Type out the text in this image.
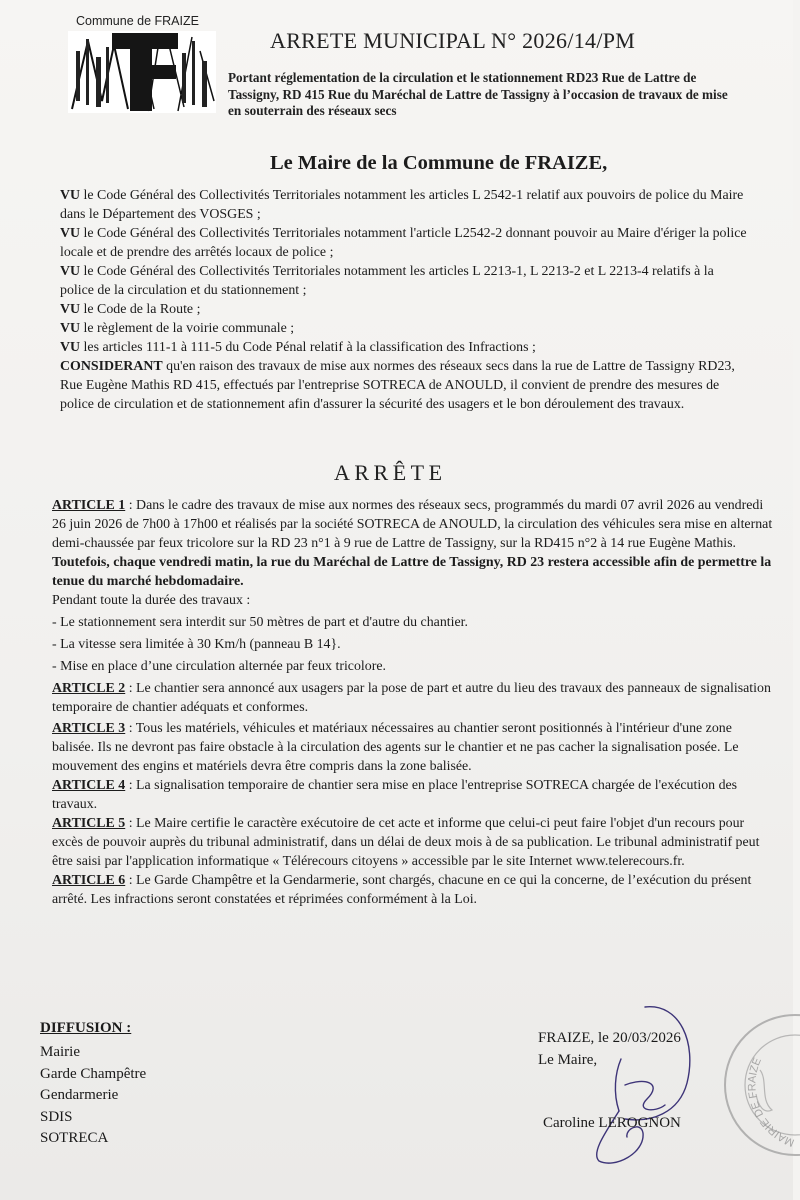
Commune de FRAIZE
ARRETE MUNICIPAL N° 2026/14/PM
Portant réglementation de la circulation et le stationnement RD23 Rue de Lattre de Tassigny, RD 415 Rue du Maréchal de Lattre de Tassigny à l’occasion de travaux de mise en souterrain des réseaux secs
Le Maire de la Commune de FRAIZE,

VU le Code Général des Collectivités Territoriales notamment les articles L 2542-1 relatif aux pouvoirs de police du Maire dans le Département des VOSGES ;

VU le Code Général des Collectivités Territoriales notamment l'article L2542-2 donnant pouvoir au Maire d'ériger la police locale et de prendre des arrêtés locaux de police ;

VU le Code Général des Collectivités Territoriales notamment les articles L 2213-1, L 2213-2 et L 2213-4 relatifs à la police de la circulation et du stationnement ;

VU le Code de la Route ;

VU le règlement de la voirie communale ;

VU les articles 111-1 à 111-5 du Code Pénal relatif à la classification des Infractions ;

CONSIDERANT qu'en raison des travaux de mise aux normes des réseaux secs dans la rue de Lattre de Tassigny RD23, Rue Eugène Mathis RD 415, effectués par l'entreprise SOTRECA de ANOULD, il convient de prendre des mesures de police de circulation et de stationnement afin d'assurer la sécurité des usagers et le bon déroulement des travaux.

ARRÊTE

ARTICLE 1 : Dans le cadre des travaux de mise aux normes des réseaux secs, programmés du mardi 07 avril 2026 au vendredi 26 juin 2026 de 7h00 à 17h00 et réalisés par la société SOTRECA de ANOULD, la circulation des véhicules sera mise en alternat demi-chaussée par feux tricolore sur la RD 23 n°1 à 9 rue de Lattre de Tassigny, sur la RD415 n°2 à 14 rue Eugène Mathis.

Toutefois, chaque vendredi matin, la rue du Maréchal de Lattre de Tassigny, RD 23 restera accessible afin de permettre la tenue du marché hebdomadaire.

Pendant toute la durée des travaux :

- Le stationnement sera interdit sur 50 mètres de part et d'autre du chantier.

- La vitesse sera limitée à 30 Km/h (panneau B 14}.

- Mise en place d’une circulation alternée par feux tricolore.

ARTICLE 2 : Le chantier sera annoncé aux usagers par la pose de part et autre du lieu des travaux des panneaux de signalisation temporaire de chantier adéquats et conformes.

ARTICLE 3 : Tous les matériels, véhicules et matériaux nécessaires au chantier seront positionnés à l'intérieur d'une zone balisée. Ils ne devront pas faire obstacle à la circulation des agents sur le chantier et ne pas cacher la signalisation posée. Le mouvement des engins et matériels devra être compris dans la zone balisée.

ARTICLE 4 : La signalisation temporaire de chantier sera mise en place l'entreprise SOTRECA chargée de l'exécution des travaux.

ARTICLE 5 : Le Maire certifie le caractère exécutoire de cet acte et informe que celui-ci peut faire l'objet d'un recours pour excès de pouvoir auprès du tribunal administratif, dans un délai de deux mois à de sa publication. Le tribunal administratif peut être saisi par l'application informatique « Télérecours citoyens » accessible par le site Internet www.telerecours.fr.

ARTICLE 6 : Le Garde Champêtre et la Gendarmerie, sont chargés, chacune en ce qui la concerne, de l’exécution du présent arrêté. Les infractions seront constatées et réprimées conformément à la Loi.

DIFFUSION :
Mairie
Garde Champêtre
Gendarmerie
SDIS
SOTRECA
FRAIZE, le 20/03/2026
Le Maire,
Caroline LEROGNON
MAIRIE DE FRAIZE
